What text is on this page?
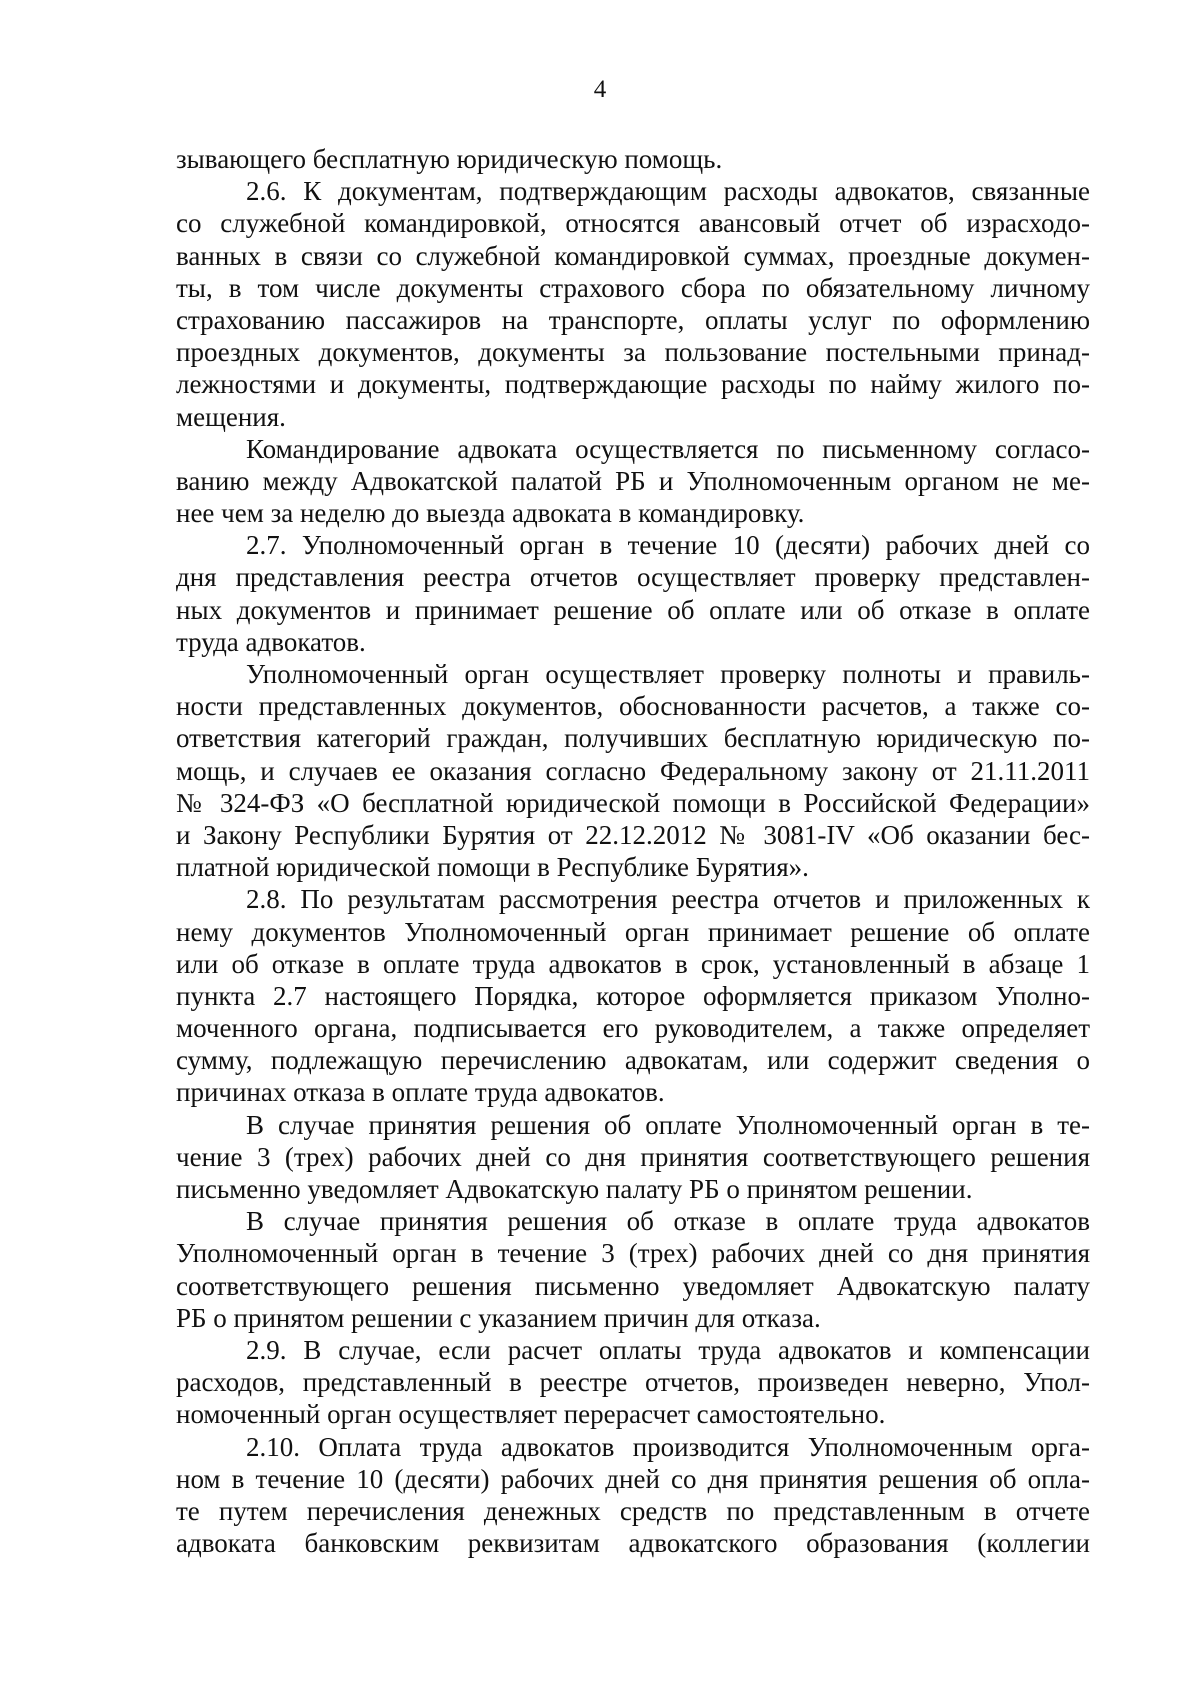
4
зывающего бесплатную юридическую помощь.
2.6. К документам, подтверждающим расходы адвокатов, связанные
со служебной командировкой, относятся авансовый отчет об израсходо-
ванных в связи со служебной командировкой суммах, проездные докумен-
ты, в том числе документы страхового сбора по обязательному личному
страхованию пассажиров на транспорте, оплаты услуг по оформлению
проездных документов, документы за пользование постельными принад-
лежностями и документы, подтверждающие расходы по найму жилого по-
мещения.
Командирование адвоката осуществляется по письменному согласо-
ванию между Адвокатской палатой РБ и Уполномоченным органом не ме-
нее чем за неделю до выезда адвоката в командировку.
2.7. Уполномоченный орган в течение 10 (десяти) рабочих дней со
дня представления реестра отчетов осуществляет проверку представлен-
ных документов и принимает решение об оплате или об отказе в оплате
труда адвокатов.
Уполномоченный орган осуществляет проверку полноты и правиль-
ности представленных документов, обоснованности расчетов, а также со-
ответствия категорий граждан, получивших бесплатную юридическую по-
мощь, и случаев ее оказания согласно Федеральному закону от 21.11.2011
№ 324-ФЗ «О бесплатной юридической помощи в Российской Федерации»
и Закону Республики Бурятия от 22.12.2012 № 3081-IV «Об оказании бес-
платной юридической помощи в Республике Бурятия».
2.8. По результатам рассмотрения реестра отчетов и приложенных к
нему документов Уполномоченный орган принимает решение об оплате
или об отказе в оплате труда адвокатов в срок, установленный в абзаце 1
пункта 2.7 настоящего Порядка, которое оформляется приказом Уполно-
моченного органа, подписывается его руководителем, а также определяет
сумму, подлежащую перечислению адвокатам, или содержит сведения о
причинах отказа в оплате труда адвокатов.
В случае принятия решения об оплате Уполномоченный орган в те-
чение 3 (трех) рабочих дней со дня принятия соответствующего решения
письменно уведомляет Адвокатскую палату РБ о принятом решении.
В случае принятия решения об отказе в оплате труда адвокатов
Уполномоченный орган в течение 3 (трех) рабочих дней со дня принятия
соответствующего решения письменно уведомляет Адвокатскую палату
РБ о принятом решении с указанием причин для отказа.
2.9. В случае, если расчет оплаты труда адвокатов и компенсации
расходов, представленный в реестре отчетов, произведен неверно, Упол-
номоченный орган осуществляет перерасчет самостоятельно.
2.10. Оплата труда адвокатов производится Уполномоченным орга-
ном в течение 10 (десяти) рабочих дней со дня принятия решения об опла-
те путем перечисления денежных средств по представленным в отчете
адвоката банковским реквизитам адвокатского образования (коллегии
